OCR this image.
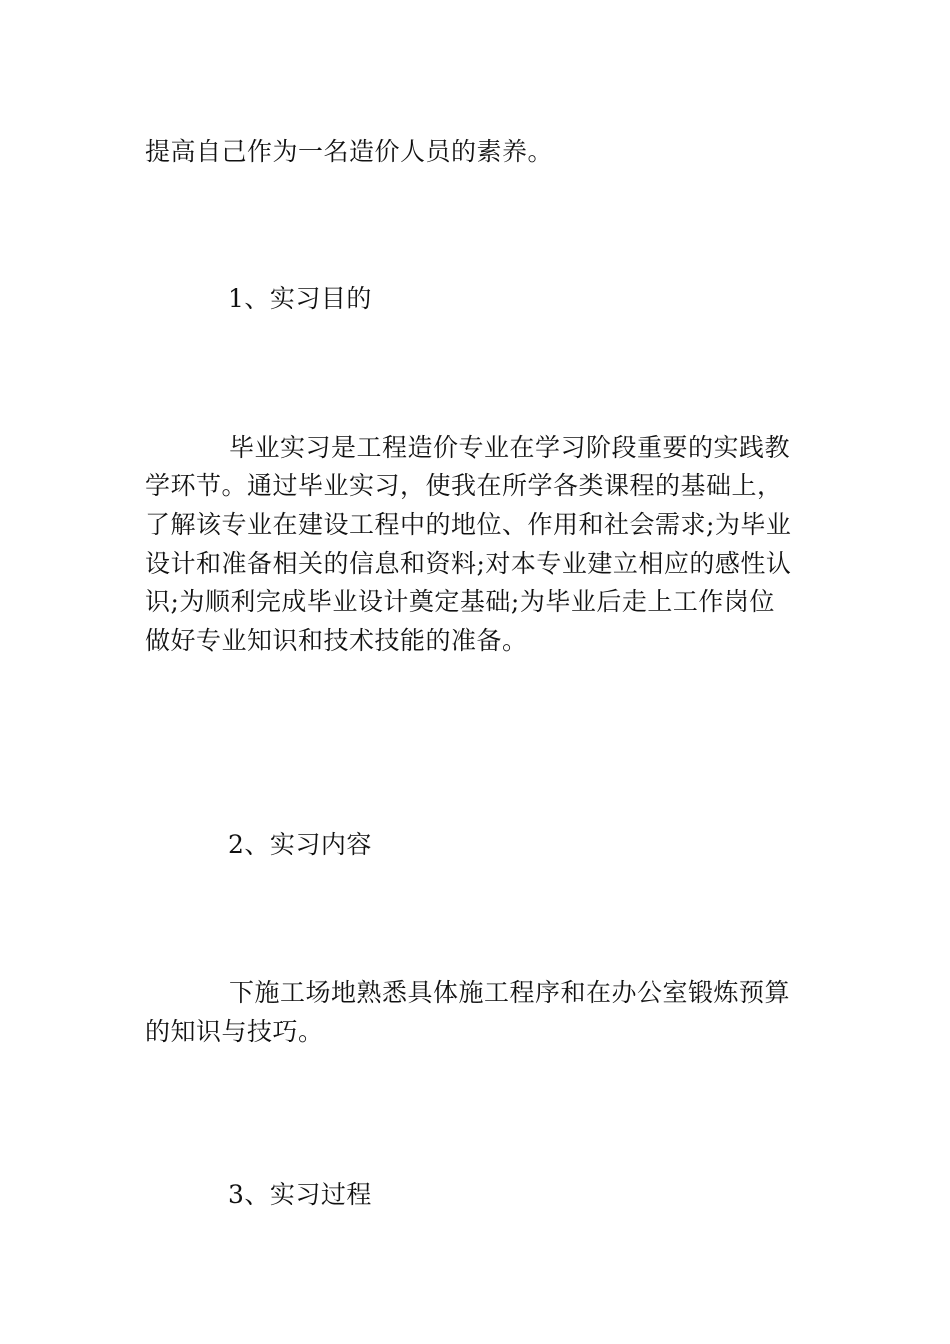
提高自己作为一名造价人员的素养。
1、实习目的
毕业实习是工程造价专业在学习阶段重要的实践教
学环节。通过毕业实习，使我在所学各类课程的基础上，
了解该专业在建设工程中的地位、作用和社会需求;为毕业
设计和准备相关的信息和资料;对本专业建立相应的感性认
识;为顺利完成毕业设计奠定基础;为毕业后走上工作岗位
做好专业知识和技术技能的准备。
2、实习内容
下施工场地熟悉具体施工程序和在办公室锻炼预算
的知识与技巧。
3、实习过程
